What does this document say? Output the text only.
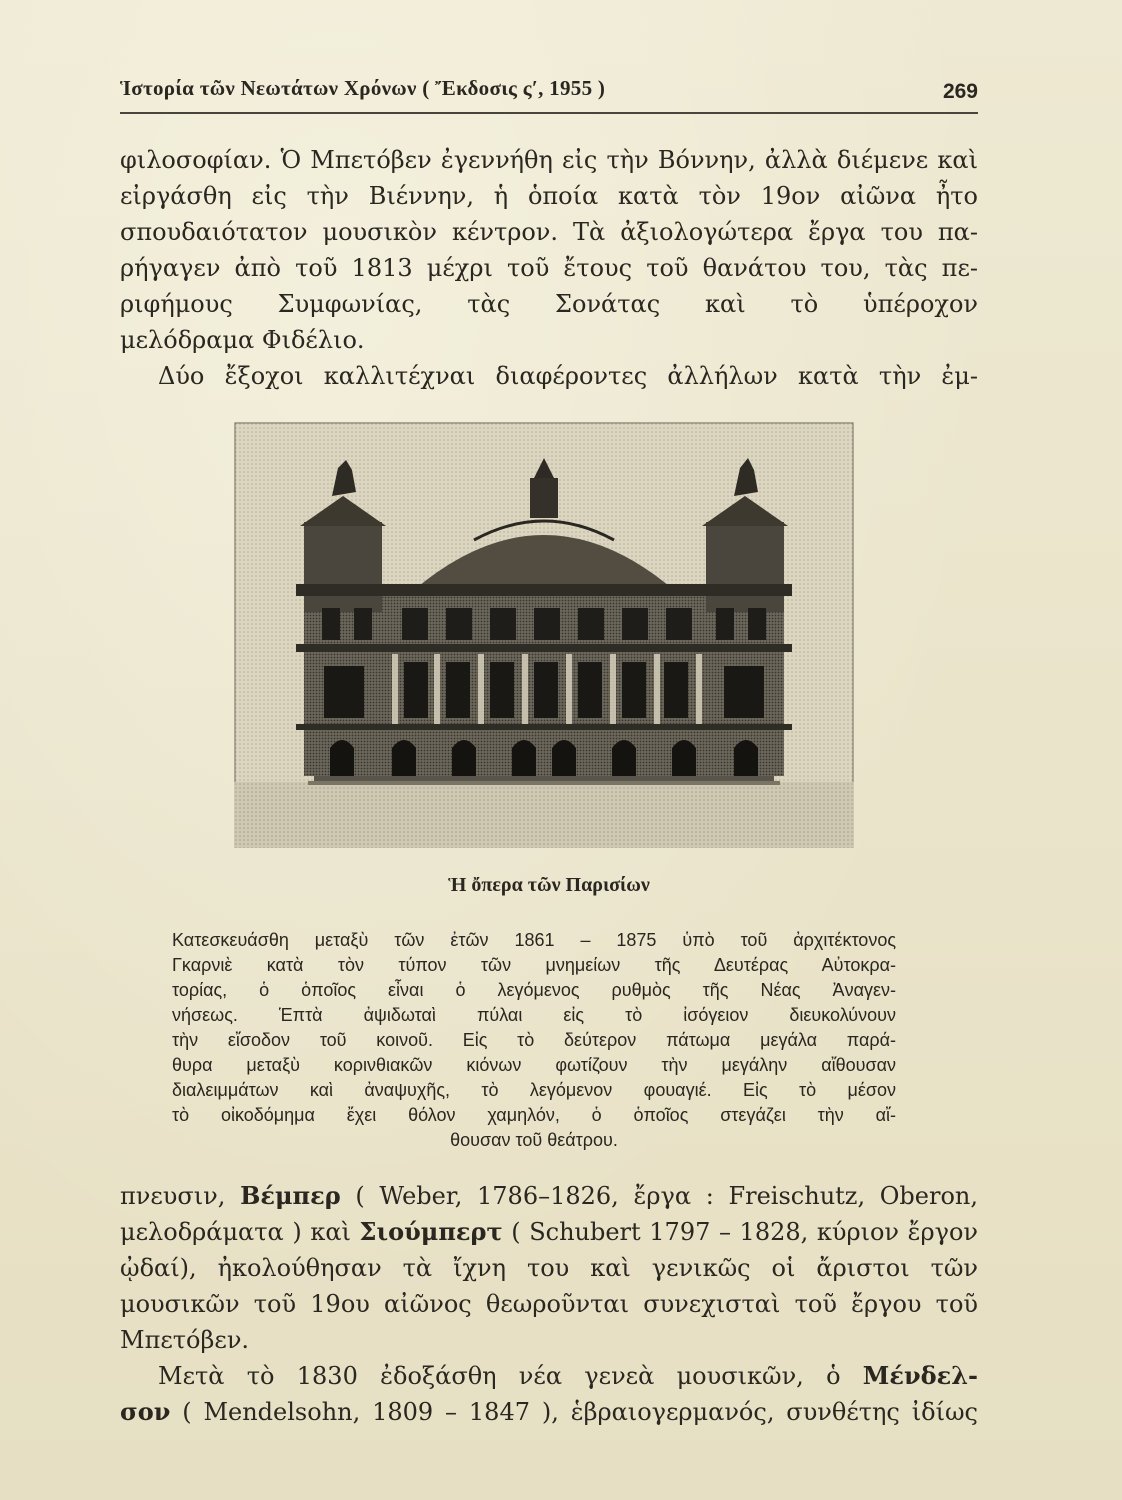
Ἱστορία τῶν Νεωτάτων Χρόνων ( Ἔκδοσις ς′, 1955 )	269
φιλοσοφίαν. Ὁ Μπετόβεν ἐγεννήθη εἰς τὴν Βόννην, ἀλλὰ διέμενε καὶ
εἰργάσθη εἰς τὴν Βιέννην, ἡ ὁποία κατὰ τὸν 19ον αἰῶνα ἦτο
σπουδαιότατον μουσικὸν κέντρον. Τὰ ἀξιολογώτερα ἔργα του πα-
ρήγαγεν ἀπὸ τοῦ 1813 μέχρι τοῦ ἔτους τοῦ θανάτου του, τὰς πε-
ριφήμους Συμφωνίας, τὰς Σονάτας καὶ τὸ ὑπέροχον
μελόδραμα Φιδέλιο.
Δύο ἔξοχοι καλλιτέχναι διαφέροντες ἀλλήλων κατὰ τὴν ἐμ-
Ἡ ὄπερα τῶν Παρισίων
Κατεσκευάσθη μεταξὺ τῶν ἐτῶν 1861 – 1875 ὑπὸ τοῦ ἀρχιτέκτονος
Γκαρνιὲ κατὰ τὸν τύπον τῶν μνημείων τῆς Δευτέρας Αὐτοκρα-
τορίας, ὁ ὁποῖος εἶναι ὁ λεγόμενος ρυθμὸς τῆς Νέας Ἀναγεν-
νήσεως. Ἑπτὰ ἀψιδωταὶ πύλαι εἰς τὸ ἰσόγειον διευκολύνουν
τὴν εἴσοδον τοῦ κοινοῦ. Εἰς τὸ δεύτερον πάτωμα μεγάλα παρά-
θυρα μεταξὺ κορινθιακῶν κιόνων φωτίζουν τὴν μεγάλην αἴθουσαν
διαλειμμάτων καὶ ἀναψυχῆς, τὸ λεγόμενον φουαγιέ. Εἰς τὸ μέσον
τὸ οἰκοδόμημα ἔχει θόλον χαμηλόν, ὁ ὁποῖος στεγάζει τὴν αἴ-
θουσαν τοῦ θεάτρου.
πνευσιν, Βέμπερ ( Weber, 1786–1826, ἔργα : Freischutz, Oberon,
μελοδράματα ) καὶ Σιούμπερτ ( Schubert 1797 – 1828, κύριον ἔργον
ᾠδαί), ἠκολούθησαν τὰ ἴχνη του καὶ γενικῶς οἱ ἄριστοι τῶν
μουσικῶν τοῦ 19ου αἰῶνος θεωροῦνται συνεχισταὶ τοῦ ἔργου τοῦ
Μπετόβεν.
Μετὰ τὸ 1830 ἐδοξάσθη νέα γενεὰ μουσικῶν, ὁ Μένδελ-
σον ( Mendelsohn, 1809 – 1847 ), ἑβραιογερμανός, συνθέτης ἰδίως
